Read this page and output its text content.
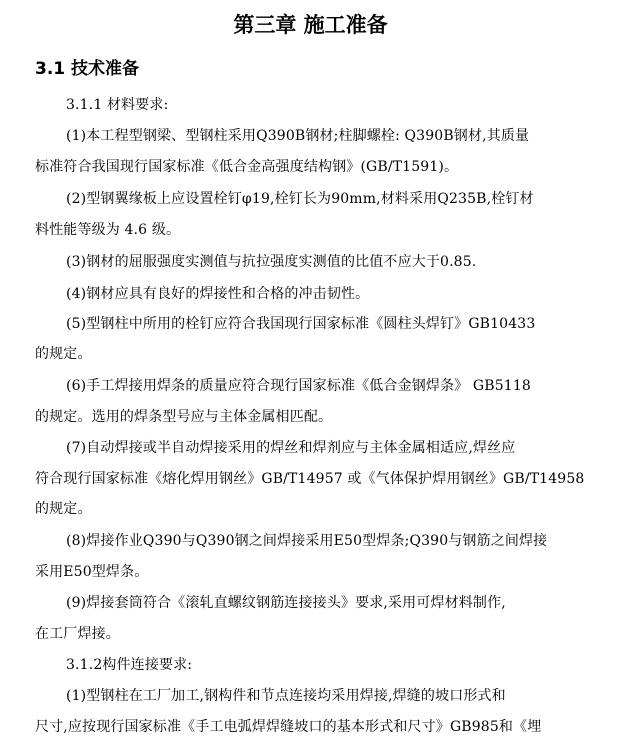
第三章 施工准备
3.1 技术准备
3.1.1 材料要求:
(1)本工程型钢梁、型钢柱采用Q390B钢材;柱脚螺栓: Q390B钢材,其质量
标准符合我国现行国家标准《低合金高强度结构钢》(GB/T1591)。
(2)型钢翼缘板上应设置栓钉φ19,栓钉长为90mm,材料采用Q235B,栓钉材
料性能等级为 4.6 级。
(3)钢材的屈服强度实测值与抗拉强度实测值的比值不应大于0.85.
(4)钢材应具有良好的焊接性和合格的冲击韧性。
(5)型钢柱中所用的栓钉应符合我国现行国家标准《圆柱头焊钉》GB10433
的规定。
(6)手工焊接用焊条的质量应符合现行国家标准《低合金钢焊条》 GB5118
的规定。选用的焊条型号应与主体金属相匹配。
(7)自动焊接或半自动焊接采用的焊丝和焊剂应与主体金属相适应,焊丝应
符合现行国家标准《熔化焊用钢丝》GB/T14957 或《气体保护焊用钢丝》GB/T14958
的规定。
(8)焊接作业Q390与Q390钢之间焊接采用E50型焊条;Q390与钢筋之间焊接
采用E50型焊条。
(9)焊接套筒符合《滚轧直螺纹钢筋连接接头》要求,采用可焊材料制作,
在工厂焊接。
3.1.2构件连接要求:
(1)型钢柱在工厂加工,钢构件和节点连接均采用焊接,焊缝的坡口形式和
尺寸,应按现行国家标准《手工电弧焊焊缝坡口的基本形式和尺寸》GB985和《埋
